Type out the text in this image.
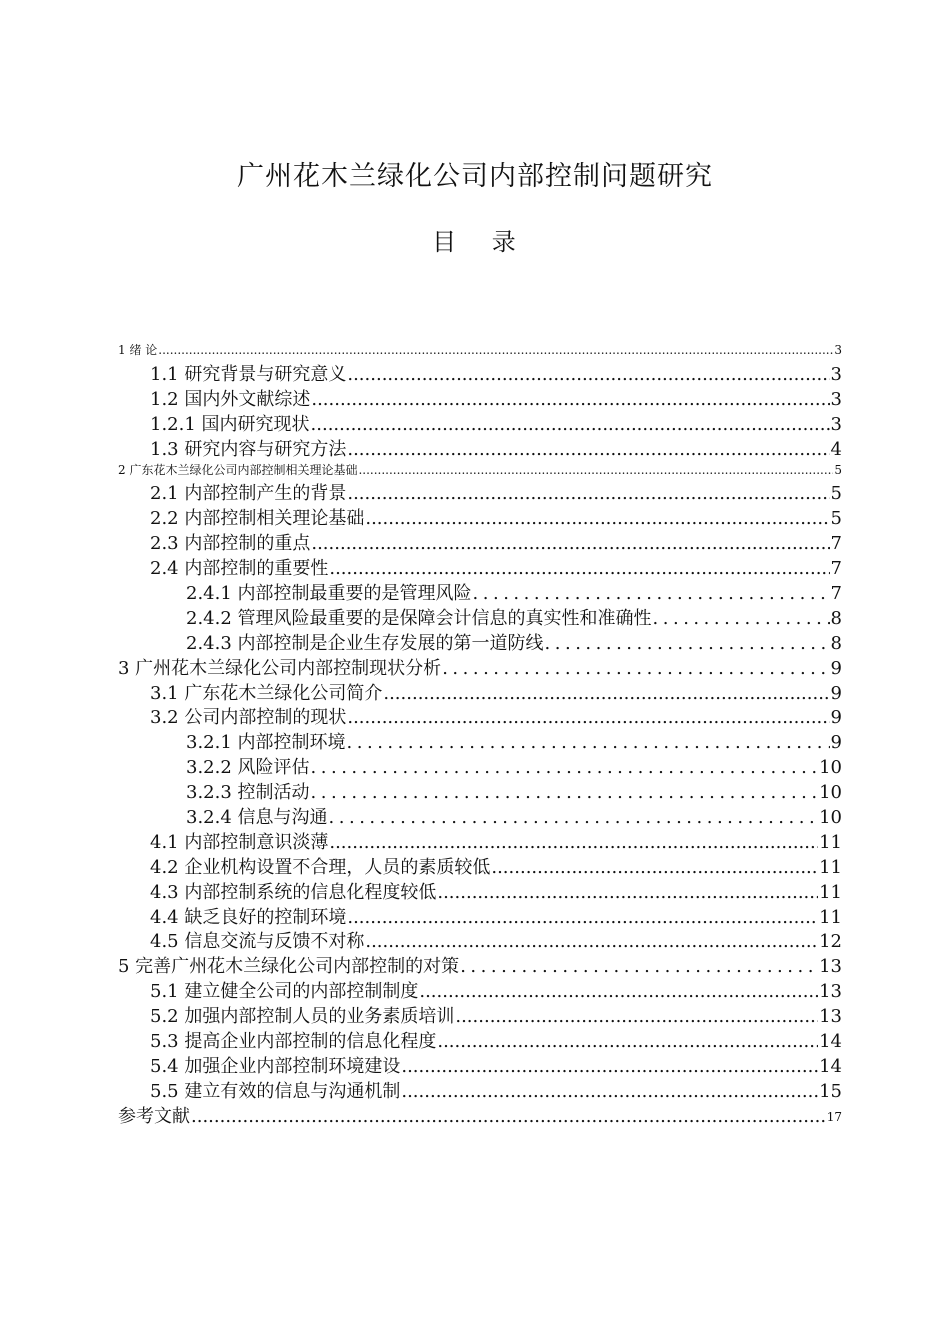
广州花木兰绿化公司内部控制问题研究
目 录
1 绪 论 .....	3
1.1 研究背景与研究意义 .....	3
1.2 国内外文献综述 .....	3
1.2.1 国内研究现状 .....	3
1.3 研究内容与研究方法 .....	4
2 广东花木兰绿化公司内部控制相关理论基础 .....	5
2.1 内部控制产生的背景 .....	5
2.2 内部控制相关理论基础 .....	5
2.3 内部控制的重点 .....	7
2.4 内部控制的重要性 .....	7
2.4.1 内部控制最重要的是管理风险 .....	7
2.4.2 管理风险最重要的是保障会计信息的真实性和准确性 .....	8
2.4.3 内部控制是企业生存发展的第一道防线 .....	8
3 广州花木兰绿化公司内部控制现状分析 .....	9
3.1 广东花木兰绿化公司简介 .....	9
3.2 公司内部控制的现状 .....	9
3.2.1 内部控制环境 .....	9
3.2.2 风险评估 .....	10
3.2.3 控制活动 .....	10
3.2.4 信息与沟通 .....	10
4.1 内部控制意识淡薄 .....	11
4.2 企业机构设置不合理，人员的素质较低 .....	11
4.3 内部控制系统的信息化程度较低 .....	11
4.4 缺乏良好的控制环境 .....	11
4.5 信息交流与反馈不对称 .....	12
5 完善广州花木兰绿化公司内部控制的对策 .....	13
5.1 建立健全公司的内部控制制度 .....	13
5.2 加强内部控制人员的业务素质培训 .....	13
5.3 提高企业内部控制的信息化程度 .....	14
5.4 加强企业内部控制环境建设 .....	14
5.5 建立有效的信息与沟通机制 .....	15
参考文献 .....	17
